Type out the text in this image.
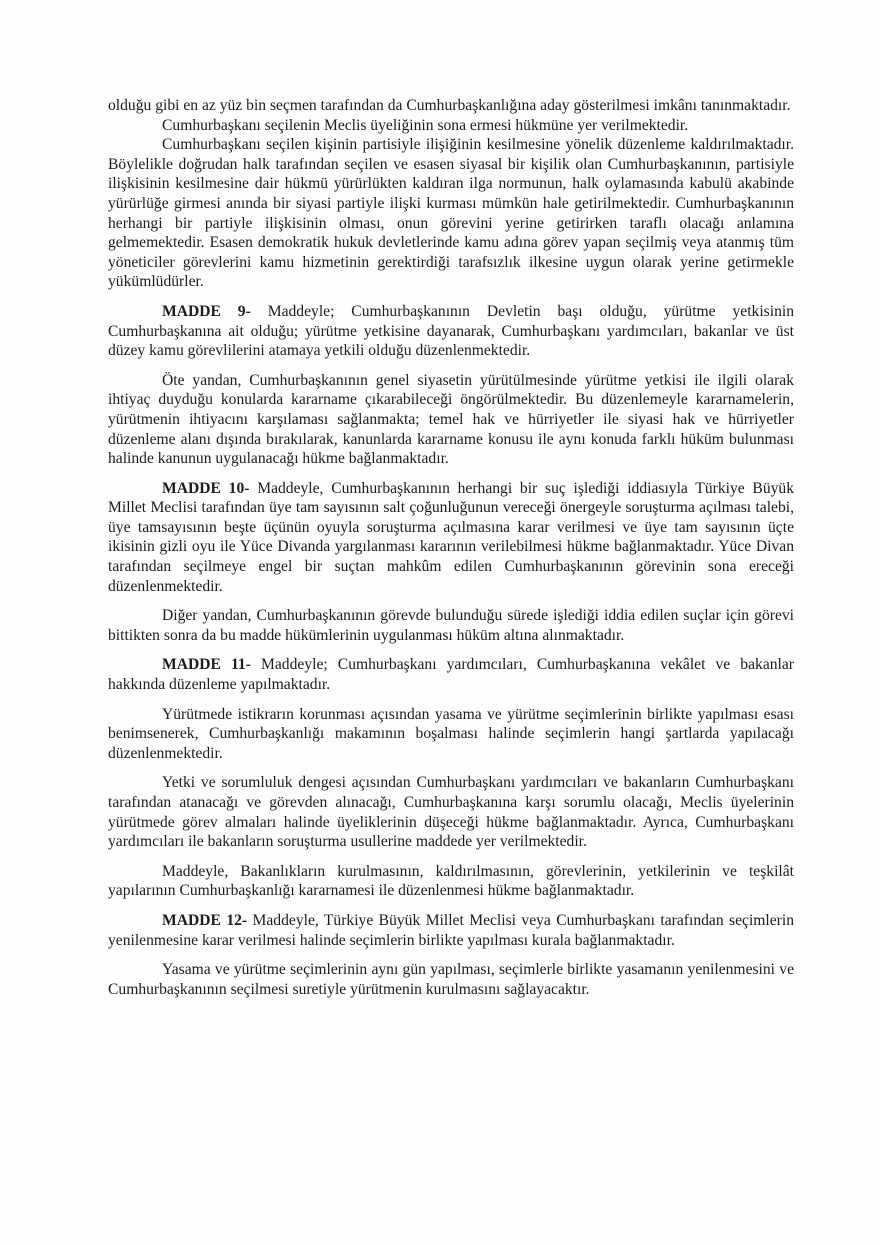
olduğu gibi en az yüz bin seçmen tarafından da Cumhurbaşkanlığına aday gösterilmesi imkânı tanınmaktadır.

Cumhurbaşkanı seçilenin Meclis üyeliğinin sona ermesi hükmüne yer verilmektedir.

Cumhurbaşkanı seçilen kişinin partisiyle ilişiğinin kesilmesine yönelik düzenleme kaldırılmaktadır. Böylelikle doğrudan halk tarafından seçilen ve esasen siyasal bir kişilik olan Cumhurbaşkanının, partisiyle ilişkisinin kesilmesine dair hükmü yürürlükten kaldıran ilga normunun, halk oylamasında kabulü akabinde yürürlüğe girmesi anında bir siyasi partiyle ilişki kurması mümkün hale getirilmektedir. Cumhurbaşkanının herhangi bir partiyle ilişkisinin olması, onun görevini yerine getirirken taraflı olacağı anlamına gelmemektedir. Esasen demokratik hukuk devletlerinde kamu adına görev yapan seçilmiş veya atanmış tüm yöneticiler görevlerini kamu hizmetinin gerektirdiği tarafsızlık ilkesine uygun olarak yerine getirmekle yükümlüdürler.

MADDE 9- Maddeyle; Cumhurbaşkanının Devletin başı olduğu, yürütme yetkisinin Cumhurbaşkanına ait olduğu; yürütme yetkisine dayanarak, Cumhurbaşkanı yardımcıları, bakanlar ve üst düzey kamu görevlilerini atamaya yetkili olduğu düzenlenmektedir.

Öte yandan, Cumhurbaşkanının genel siyasetin yürütülmesinde yürütme yetkisi ile ilgili olarak ihtiyaç duyduğu konularda kararname çıkarabileceği öngörülmektedir. Bu düzenlemeyle kararnamelerin, yürütmenin ihtiyacını karşılaması sağlanmakta; temel hak ve hürriyetler ile siyasi hak ve hürriyetler düzenleme alanı dışında bırakılarak, kanunlarda kararname konusu ile aynı konuda farklı hüküm bulunması halinde kanunun uygulanacağı hükme bağlanmaktadır.

MADDE 10- Maddeyle, Cumhurbaşkanının herhangi bir suç işlediği iddiasıyla Türkiye Büyük Millet Meclisi tarafından üye tam sayısının salt çoğunluğunun vereceği önergeyle soruşturma açılması talebi, üye tamsayısının beşte üçünün oyuyla soruşturma açılmasına karar verilmesi ve üye tam sayısının üçte ikisinin gizli oyu ile Yüce Divanda yargılanması kararının verilebilmesi hükme bağlanmaktadır. Yüce Divan tarafından seçilmeye engel bir suçtan mahkûm edilen Cumhurbaşkanının görevinin sona ereceği düzenlenmektedir.

Diğer yandan, Cumhurbaşkanının görevde bulunduğu sürede işlediği iddia edilen suçlar için görevi bittikten sonra da bu madde hükümlerinin uygulanması hüküm altına alınmaktadır.

MADDE 11- Maddeyle; Cumhurbaşkanı yardımcıları, Cumhurbaşkanına vekâlet ve bakanlar hakkında düzenleme yapılmaktadır.

Yürütmede istikrarın korunması açısından yasama ve yürütme seçimlerinin birlikte yapılması esası benimsenerek, Cumhurbaşkanlığı makamının boşalması halinde seçimlerin hangi şartlarda yapılacağı düzenlenmektedir.

Yetki ve sorumluluk dengesi açısından Cumhurbaşkanı yardımcıları ve bakanların Cumhurbaşkanı tarafından atanacağı ve görevden alınacağı, Cumhurbaşkanına karşı sorumlu olacağı, Meclis üyelerinin yürütmede görev almaları halinde üyeliklerinin düşeceği hükme bağlanmaktadır. Ayrıca, Cumhurbaşkanı yardımcıları ile bakanların soruşturma usullerine maddede yer verilmektedir.

Maddeyle, Bakanlıkların kurulmasının, kaldırılmasının, görevlerinin, yetkilerinin ve teşkilât yapılarının Cumhurbaşkanlığı kararnamesi ile düzenlenmesi hükme bağlanmaktadır.

MADDE 12- Maddeyle, Türkiye Büyük Millet Meclisi veya Cumhurbaşkanı tarafından seçimlerin yenilenmesine karar verilmesi halinde seçimlerin birlikte yapılması kurala bağlanmaktadır.

Yasama ve yürütme seçimlerinin aynı gün yapılması, seçimlerle birlikte yasamanın yenilenmesini ve Cumhurbaşkanının seçilmesi suretiyle yürütmenin kurulmasını sağlayacaktır.
